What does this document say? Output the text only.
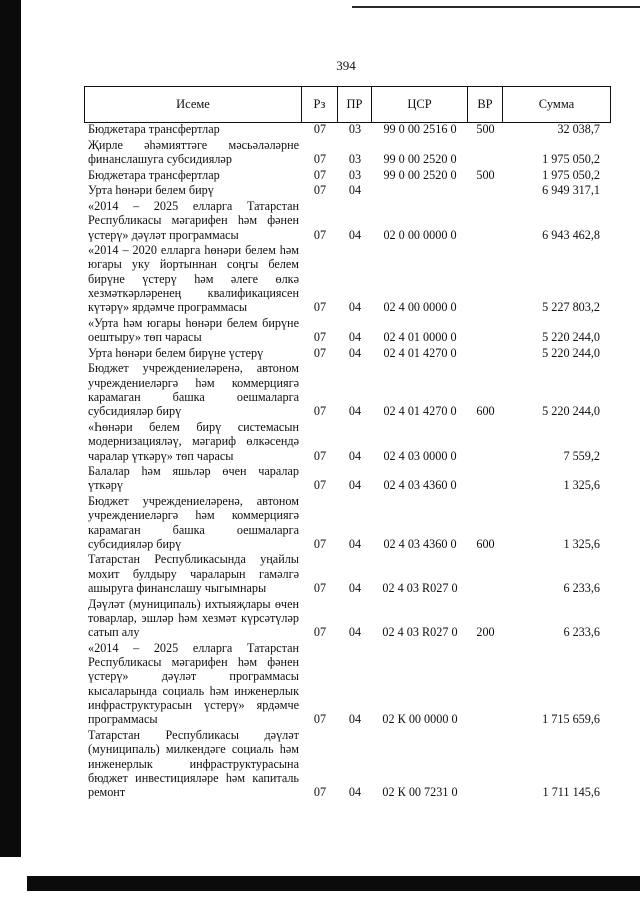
394
Исеме	Рз	ПР	ЦСР	ВР	Сумма
Бюджетара трансфертлар	07	03	99 0 00 2516 0	500	32 038,7
Җирле әһәмияттәге мәсьәләләрне
финанслашуга субсидияләр	07	03	99 0 00 2520 0	1 975 050,2
Бюджетара трансфертлар	07	03	99 0 00 2520 0	500	1 975 050,2
Урта һөнәри белем бирү	07	04	6 949 317,1
«2014 – 2025 елларга Татарстан
Республикасы мәгарифен һәм фәнен
үстерү» дәүләт программасы	07	04	02 0 00 0000 0	6 943 462,8
«2014 – 2020 елларга һөнәри белем һәм
югары уку йортыннан соңгы белем
бирүне үстерү һәм әлеге өлкә
хезмәткәрләренең квалификациясен
күтәрү» ярдәмче программасы	07	04	02 4 00 0000 0	5 227 803,2
«Урта һәм югары һөнәри белем бирүне
оештыру» төп чарасы	07	04	02 4 01 0000 0	5 220 244,0
Урта һөнәри белем бирүне үстерү	07	04	02 4 01 4270 0	5 220 244,0
Бюджет учреждениеләренә, автоном
учреждениеләргә һәм коммерциягә
карамаган башка оешмаларга
субсидияләр бирү	07	04	02 4 01 4270 0	600	5 220 244,0
«Һөнәри белем бирү системасын
модернизацияләү, мәгариф өлкәсендә
чаралар үткәрү» төп чарасы	07	04	02 4 03 0000 0	7 559,2
Балалар һәм яшьләр өчен чаралар
үткәрү	07	04	02 4 03 4360 0	1 325,6
Бюджет учреждениеләренә, автоном
учреждениеләргә һәм коммерциягә
карамаган башка оешмаларга
субсидияләр бирү	07	04	02 4 03 4360 0	600	1 325,6
Татарстан Республикасында уңайлы
мохит булдыру чараларын гамәлгә
ашыруга финанслашу чыгымнары	07	04	02 4 03 R027 0	6 233,6
Дәүләт (муниципаль) ихтыяҗлары өчен
товарлар, эшләр һәм хезмәт күрсәтүләр
сатып алу	07	04	02 4 03 R027 0	200	6 233,6
«2014 – 2025 елларга Татарстан
Республикасы мәгарифен һәм фәнен
үстерү» дәүләт программасы
кысаларында социаль һәм инженерлык
инфраструктурасын үстерү» ярдәмче
программасы	07	04	02 К 00 0000 0	1 715 659,6
Татарстан Республикасы дәүләт
(муниципаль) милкендәге социаль һәм
инженерлык инфраструктурасына
бюджет инвестицияләре һәм капиталь
ремонт	07	04	02 К 00 7231 0	1 711 145,6
